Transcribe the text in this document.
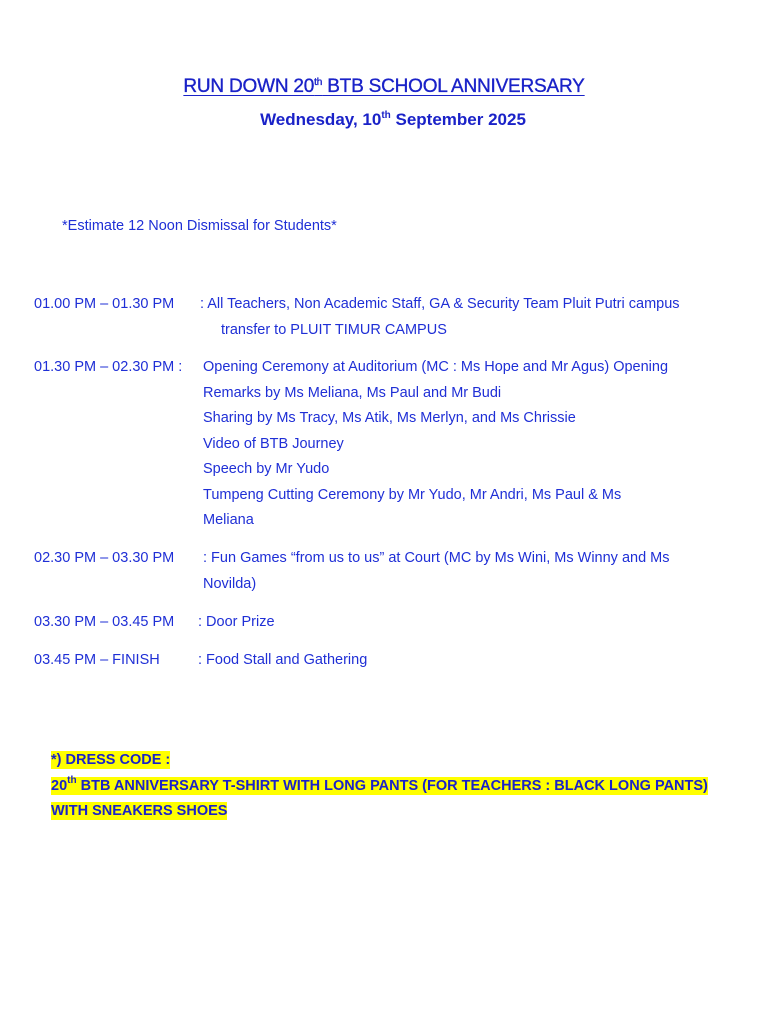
RUN DOWN 20th BTB SCHOOL ANNIVERSARY
Wednesday, 10th September 2025
*Estimate 12 Noon Dismissal for Students*
01.00 PM – 01.30 PM : All Teachers, Non Academic Staff, GA & Security Team Pluit Putri campus
transfer to PLUIT TIMUR CAMPUS
01.30 PM – 02.30 PM : Opening Ceremony at Auditorium (MC : Ms Hope and Mr Agus) Opening
Remarks by Ms Meliana, Ms Paul and Mr Budi
Sharing by Ms Tracy, Ms Atik, Ms Merlyn, and Ms Chrissie
Video of BTB Journey
Speech by Mr Yudo
Tumpeng Cutting Ceremony by Mr Yudo, Mr Andri, Ms Paul & Ms
Meliana
02.30 PM – 03.30 PM : Fun Games “from us to us” at Court (MC by Ms Wini, Ms Winny and Ms
Novilda)
03.30 PM – 03.45 PM : Door Prize
03.45 PM – FINISH	: Food Stall and Gathering
*) DRESS CODE :
20th BTB ANNIVERSARY T-SHIRT WITH LONG PANTS (FOR TEACHERS : BLACK LONG PANTS)
WITH SNEAKERS SHOES
